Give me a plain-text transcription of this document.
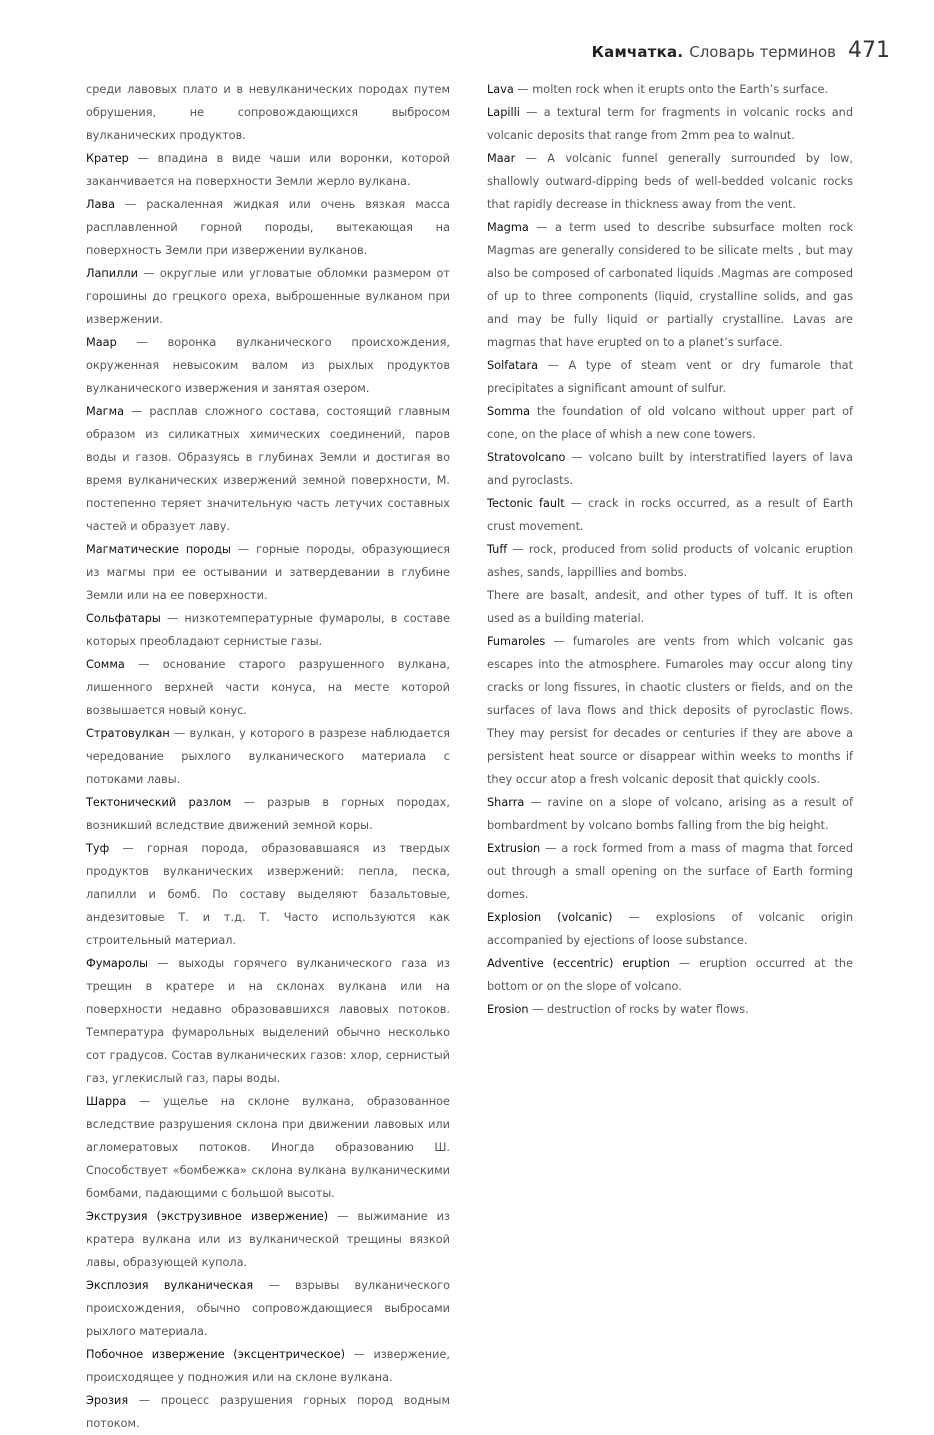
Камчатка. Словарь терминов 471

среди лавовых плато и в невулканических породах путем обрушения, не сопровождающихся выбросом вулканических продуктов.

Кратер — впадина в виде чаши или воронки, которой заканчивается на поверхности Земли жерло вулкана.

Лава — раскаленная жидкая или очень вязкая масса расплавленной горной породы, вытекающая на поверхность Земли при извержении вулканов.

Лапилли — округлые или угловатые обломки размером от горошины до грецкого ореха, выброшенные вулканом при извержении.

Маар — воронка вулканического происхождения, окруженная невысоким валом из рыхлых продуктов вулканического извержения и занятая озером.

Магма — расплав сложного состава, состоящий главным образом из силикатных химических соединений, паров воды и газов. Образуясь в глубинах Земли и достигая во время вулканических извержений земной поверхности, М. постепенно теряет значительную часть летучих составных частей и образует лаву.

Магматические породы — горные породы, образующиеся из магмы при ее остывании и затвердевании в глубине Земли или на ее поверхности.

Сольфатары — низкотемпературные фумаролы, в составе которых преобладают сернистые газы.

Сомма — основание старого разрушенного вулкана, лишенного верхней части конуса, на месте которой возвышается новый конус.

Стратовулкан — вулкан, у которого в разрезе наблюдается чередование рыхлого вулканического материала с потоками лавы.

Тектонический разлом — разрыв в горных породах, возникший вследствие движений земной коры.

Туф — горная порода, образовавшаяся из твердых продуктов вулканических извержений: пепла, песка, лапилли и бомб. По составу выделяют базальтовые, андезитовые Т. и т.д. Т. Часто используются как строительный материал.

Фумаролы — выходы горячего вулканического газа из трещин в кратере и на склонах вулкана или на поверхности недавно образовавшихся лавовых потоков. Температура фумарольных выделений обычно несколько сот градусов. Состав вулканических газов: хлор, сернистый газ, углекислый газ, пары воды.

Шарра — ущелье на склоне вулкана, образованное вследствие разрушения склона при движении лавовых или агломератовых потоков. Иногда образованию Ш. Способствует «бомбежка» склона вулкана вулканическими бомбами, падающими с большой высоты.

Экструзия (экструзивное извержение) — выжимание из кратера вулкана или из вулканической трещины вязкой лавы, образующей купола.

Эксплозия вулканическая — взрывы вулканического происхождения, обычно сопровождающиеся выбросами рыхлого материала.

Побочное извержение (эксцентрическое) — извержение, происходящее у подножия или на склоне вулкана.

Эрозия — процесс разрушения горных пород водным потоком.

Lava — molten rock when it erupts onto the Earth’s surface.

Lapilli — a textural term for fragments in volcanic rocks and volcanic deposits that range from 2mm pea to walnut.

Maar — A volcanic funnel generally surrounded by low, shallowly outward-dipping beds of well-bedded volcanic rocks that rapidly decrease in thickness away from the vent.

Magma — a term used to describe subsurface molten rock Magmas are generally considered to be silicate melts , but may also be composed of carbonated liquids .Magmas are composed of up to three components (liquid, crystalline solids, and gas and may be fully liquid or partially crystalline. Lavas are magmas that have erupted on to a planet’s surface.

Solfatara — A type of steam vent or dry fumarole that precipitates a significant amount of sulfur.

Somma the foundation of old volcano without upper part of cone, on the place of whish a new cone towers.

Stratovolcano — volcano built by interstratified layers of lava and pyroclasts.

Tectonic fault — crack in rocks occurred, as a result of Earth crust movement.

Tuff — rock, produced from solid products of volcanic eruption ashes, sands, lappillies and bombs.

There are basalt, andesit, and other types of tuff. It is often used as a building material.

Fumaroles — fumaroles are vents from which volcanic gas escapes into the atmosphere. Fumaroles may occur along tiny cracks or long fissures, in chaotic clusters or fields, and on the surfaces of lava flows and thick deposits of pyroclastic flows. They may persist for decades or centuries if they are above a persistent heat source or disappear within weeks to months if they occur atop a fresh volcanic deposit that quickly cools.

Sharra — ravine on a slope of volcano, arising as a result of bombardment by volcano bombs falling from the big height.

Extrusion — a rock formed from a mass of magma that forced out through a small opening on the surface of Earth forming domes.

Explosion (volcanic) — explosions of volcanic origin accompanied by ejections of loose substance.

Adventive (eccentric) eruption — eruption occurred at the bottom or on the slope of volcano.

Erosion — destruction of rocks by water flows.
